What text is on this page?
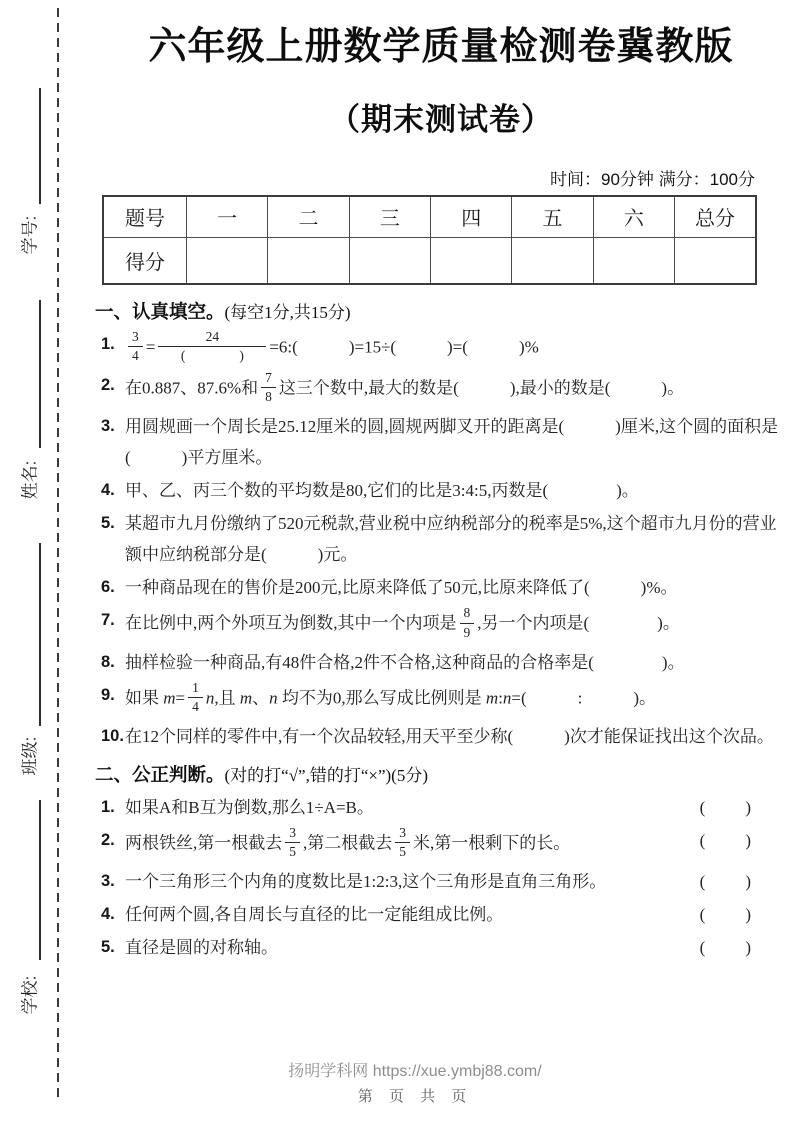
学号:
姓名:
班级:
学校:
六年级上册数学质量检测卷冀教版
（期末测试卷）
时间：90分钟 满分：100分
题号	一	二	三	四	五	六	总分
得分							
一、认真填空。(每空1分,共15分)
1. $\frac{3}{4} = \frac{24}{( )}$ =6:(　　　)=15÷(　　　)=(　　　)%
2. 在0.887、87.6%和 $\frac{7}{8}$ 这三个数中,最大的数是(　　　),最小的数是(　　　)。
3. 用圆规画一个周长是25.12厘米的圆,圆规两脚叉开的距离是(　　　)厘米,这个圆的面积是(　　　)平方厘米。
4. 甲、乙、丙三个数的平均数是80,它们的比是3:4:5,丙数是(　　　　)。
5. 某超市九月份缴纳了520元税款,营业税中应纳税部分的税率是5%,这个超市九月份的营业额中应纳税部分是(　　　)元。
6. 一种商品现在的售价是200元,比原来降低了50元,比原来降低了(　　　)%。
7. 在比例中,两个外项互为倒数,其中一个内项是 $\frac{8}{9}$ ,另一个内项是(　　　　)。
8. 抽样检验一种商品,有48件合格,2件不合格,这种商品的合格率是(　　　　)。
9. 如果 $m= \frac{1}{4} n$,且 m、n 均不为0,那么写成比例则是 m:n=(　　　:　　　)。
10. 在12个同样的零件中,有一个次品较轻,用天平至少称(　　　)次才能保证找出这个次品。
二、公正判断。(对的打“√”,错的打“×”)(5分)
1. 如果A和B互为倒数,那么1÷A=B。	(　　)
2. 两根铁丝,第一根截去 $\frac{3}{5}$ ,第二根截去 $\frac{3}{5}$ 米,第一根剩下的长。	(　　)
3. 一个三角形三个内角的度数比是1:2:3,这个三角形是直角三角形。	(　　)
4. 任何两个圆,各自周长与直径的比一定能组成比例。	(　　)
5. 直径是圆的对称轴。	(　　)
扬明学科网 https://xue.ymbj88.com/
第 页 共 页
